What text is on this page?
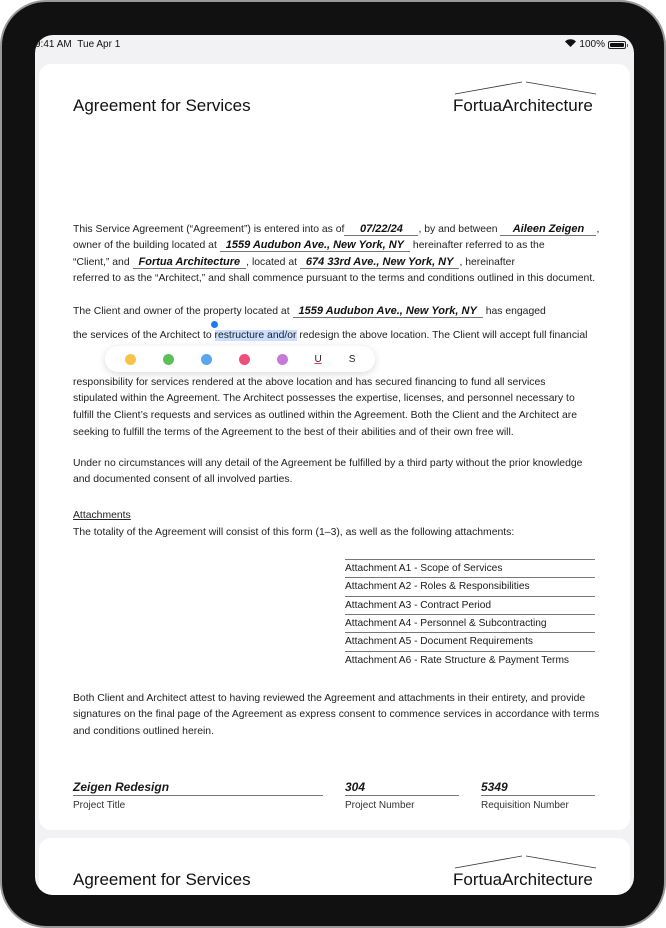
9:41 AM Tue Apr 1	100%
Agreement for Services	FortuaArchitecture
This Service Agreement (“Agreement”) is entered into as of 07/22/24 , by and between Aileen Zeigen ,
owner of the building located at 1559 Audubon Ave., New York, NY hereinafter referred to as the
“Client,” and Fortua Architecture , located at 674 33rd Ave., New York, NY , hereinafter
referred to as the “Architect,” and shall commence pursuant to the terms and conditions outlined in this document.
The Client and owner of the property located at 1559 Audubon Ave., New York, NY has engaged
the services of the Architect to restructure and/or redesign the above location. The Client will accept full financial
U	S
responsibility for services rendered at the above location and has secured financing to fund all services
stipulated within the Agreement. The Architect possesses the expertise, licenses, and personnel necessary to
fulfill the Client’s requests and services as outlined within the Agreement. Both the Client and the Architect are
seeking to fulfill the terms of the Agreement to the best of their abilities and of their own free will.
Under no circumstances will any detail of the Agreement be fulfilled by a third party without the prior knowledge
and documented consent of all involved parties.
Attachments
The totality of the Agreement will consist of this form (1–3), as well as the following attachments:
Attachment A1 - Scope of Services
Attachment A2 - Roles & Responsibilities
Attachment A3 - Contract Period
Attachment A4 - Personnel & Subcontracting
Attachment A5 - Document Requirements
Attachment A6 - Rate Structure & Payment Terms
Both Client and Architect attest to having reviewed the Agreement and attachments in their entirety, and provide
signatures on the final page of the Agreement as express consent to commence services in accordance with terms
and conditions outlined herein.
Zeigen Redesign
Project Title
304
Project Number
5349
Requisition Number
Agreement for Services	FortuaArchitecture
